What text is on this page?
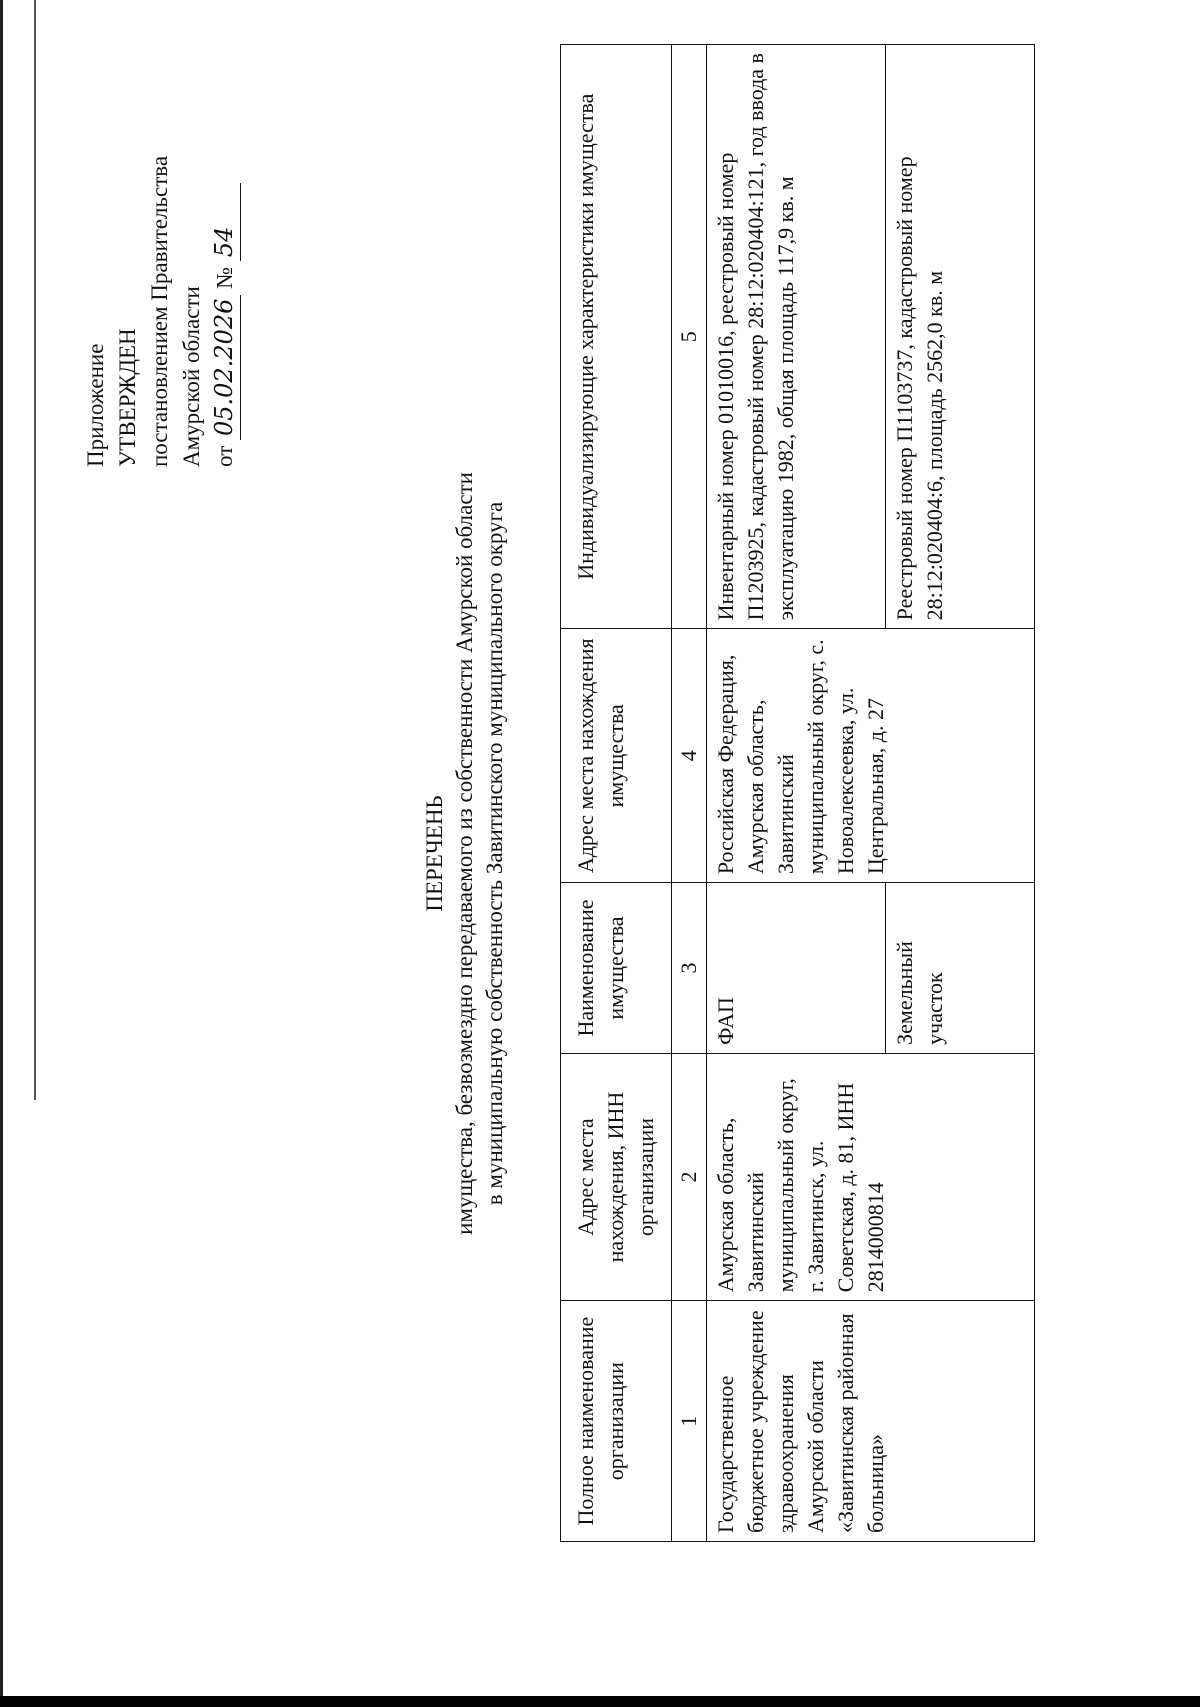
Приложение УТВЕРЖДЕН постановлением Правительства Амурской области от 05.02.2026 № 54
ПЕРЕЧЕНЬ имущества, безвозмездно передаваемого из собственности Амурской области в муниципальную собственность Завитинского муниципального округа
Полное наименование организации	Адрес места нахождения, ИНН организации	Наименование имущества	Адрес места нахождения имущества	Индивидуализирующие характеристики имущества
1	2	3	4	5
Государственное бюджетное учреждение здравоохранения Амурской области «Завитинская районная больница»	Амурская область, Завитинский муниципальный округ, г. Завитинск, ул. Советская, д. 81, ИНН 2814000814	ФАП	Российская Федерация, Амурская область, Завитинский муниципальный округ, с. Новоалексеевка, ул. Центральная, д. 27	Инвентарный номер 01010016, реестровый номер П1203925, кадастровый номер 28:12:020404:121, год ввода в эксплуатацию 1982, общая площадь 117,9 кв. м
		Земельный участок		Реестровый номер П1103737, кадастровый номер 28:12:020404:6, площадь 2562,0 кв. м
